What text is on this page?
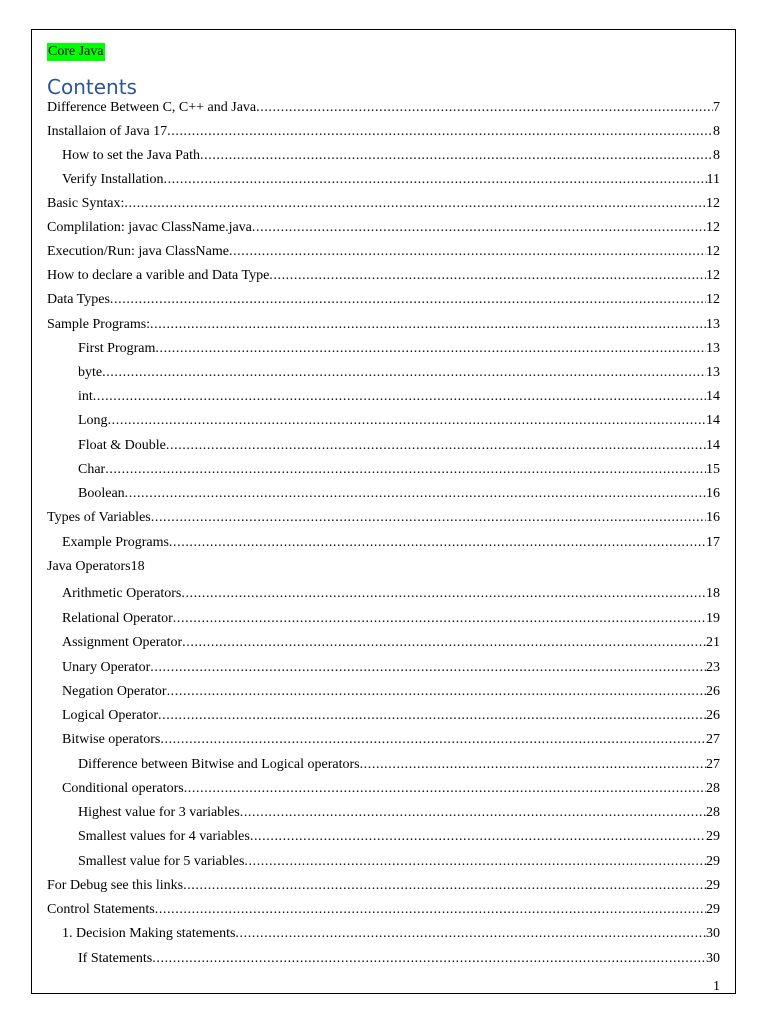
Core Java
Contents
Difference Between C, C++ and Java .....	7
Installaion of Java 17 .....	8
How to set the Java Path .....	8
Verify Installation .....	11
Basic Syntax: .....	12
Complilation: javac ClassName.java .....	12
Execution/Run: java ClassName .....	12
How to declare a varible and Data Type .....	12
Data Types .....	12
Sample Programs: .....	13
First Program .....	13
byte .....	13
int .....	14
Long .....	14
Float & Double .....	14
Char .....	15
Boolean .....	16
Types of Variables .....	16
Example Programs .....	17
Java Operators18
Arithmetic Operators .....	18
Relational Operator .....	19
Assignment Operator .....	21
Unary Operator .....	23
Negation Operator .....	26
Logical Operator .....	26
Bitwise operators .....	27
Difference between Bitwise and Logical operators .....	27
Conditional operators .....	28
Highest value for 3 variables .....	28
Smallest values for 4 variables .....	29
Smallest value for 5 variables .....	29
For Debug see this links .....	29
Control Statements .....	29
1. Decision Making statements .....	30
If Statements .....	30
1
